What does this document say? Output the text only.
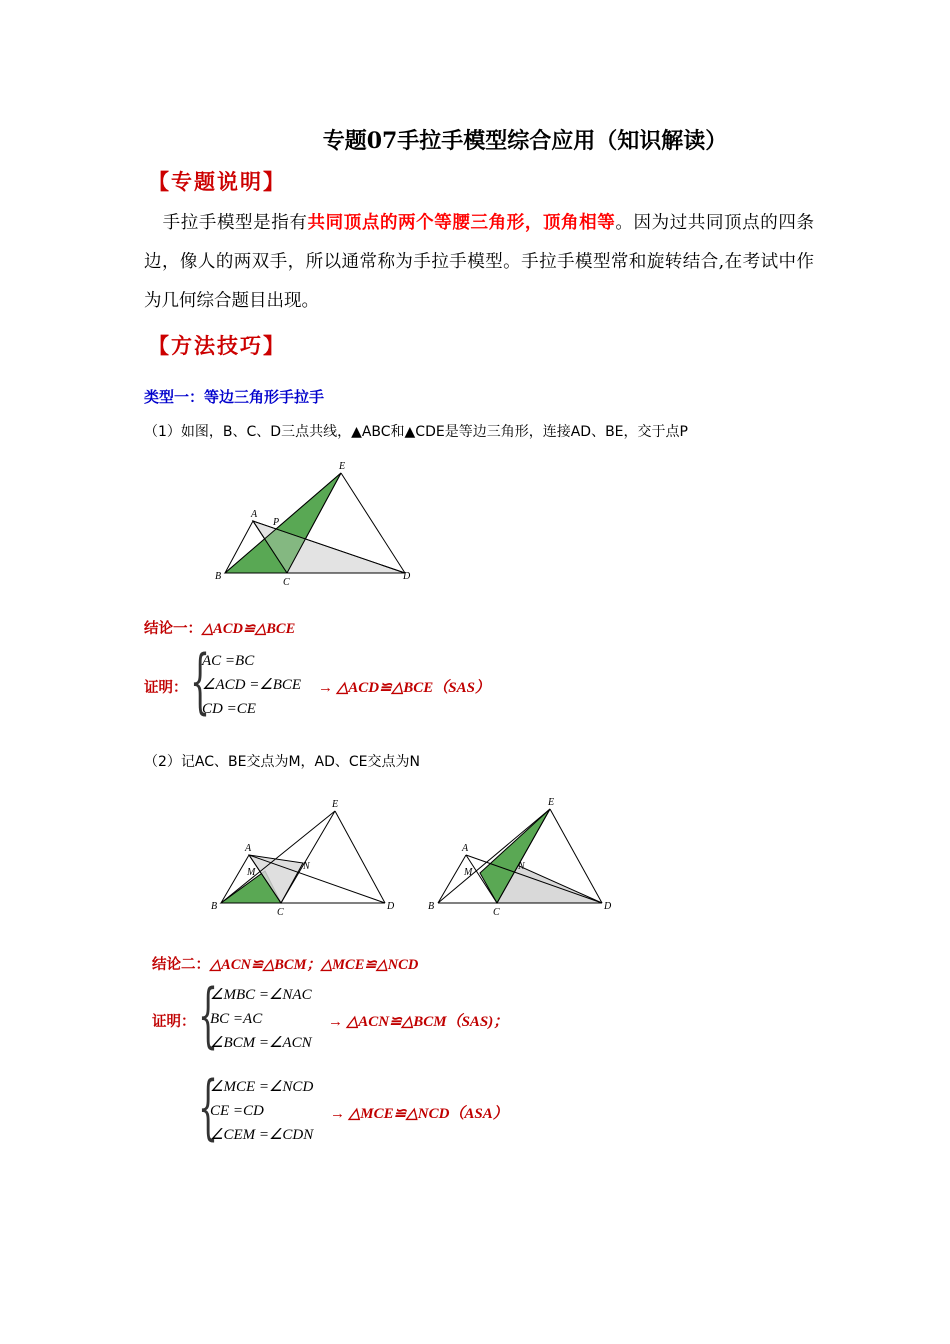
专题07手拉手模型综合应用（知识解读）
【专题说明】
手拉手模型是指有共同顶点的两个等腰三角形，顶角相等。因为过共同顶点的四条边，像人的两双手，所以通常称为手拉手模型。手拉手模型常和旋转结合,在考试中作为几何综合题目出现。
【方法技巧】
类型一：等边三角形手拉手
（1）如图，B、C、D三点共线，▲ABC和▲CDE是等边三角形，连接AD、BE，交于点P
A
B
C
D
E
P
结论一：△ACD≌△BCE
证明： {
AC =BC
∠ACD =∠BCE
CD =CE
→ △ACD≌△BCE（SAS）
（2）记AC、BE交点为M，AD、CE交点为N
A
B
C
D
E
M
N
A
B
C
D
E
M
N
结论二：△ACN≌△BCM；△MCE≌△NCD
证明： {
∠MBC =∠NAC
BC =AC
∠BCM =∠ACN
→ △ACN≌△BCM（SAS)；
{
∠MCE =∠NCD
CE =CD
∠CEM =∠CDN
→ △MCE≌△NCD（ASA）
